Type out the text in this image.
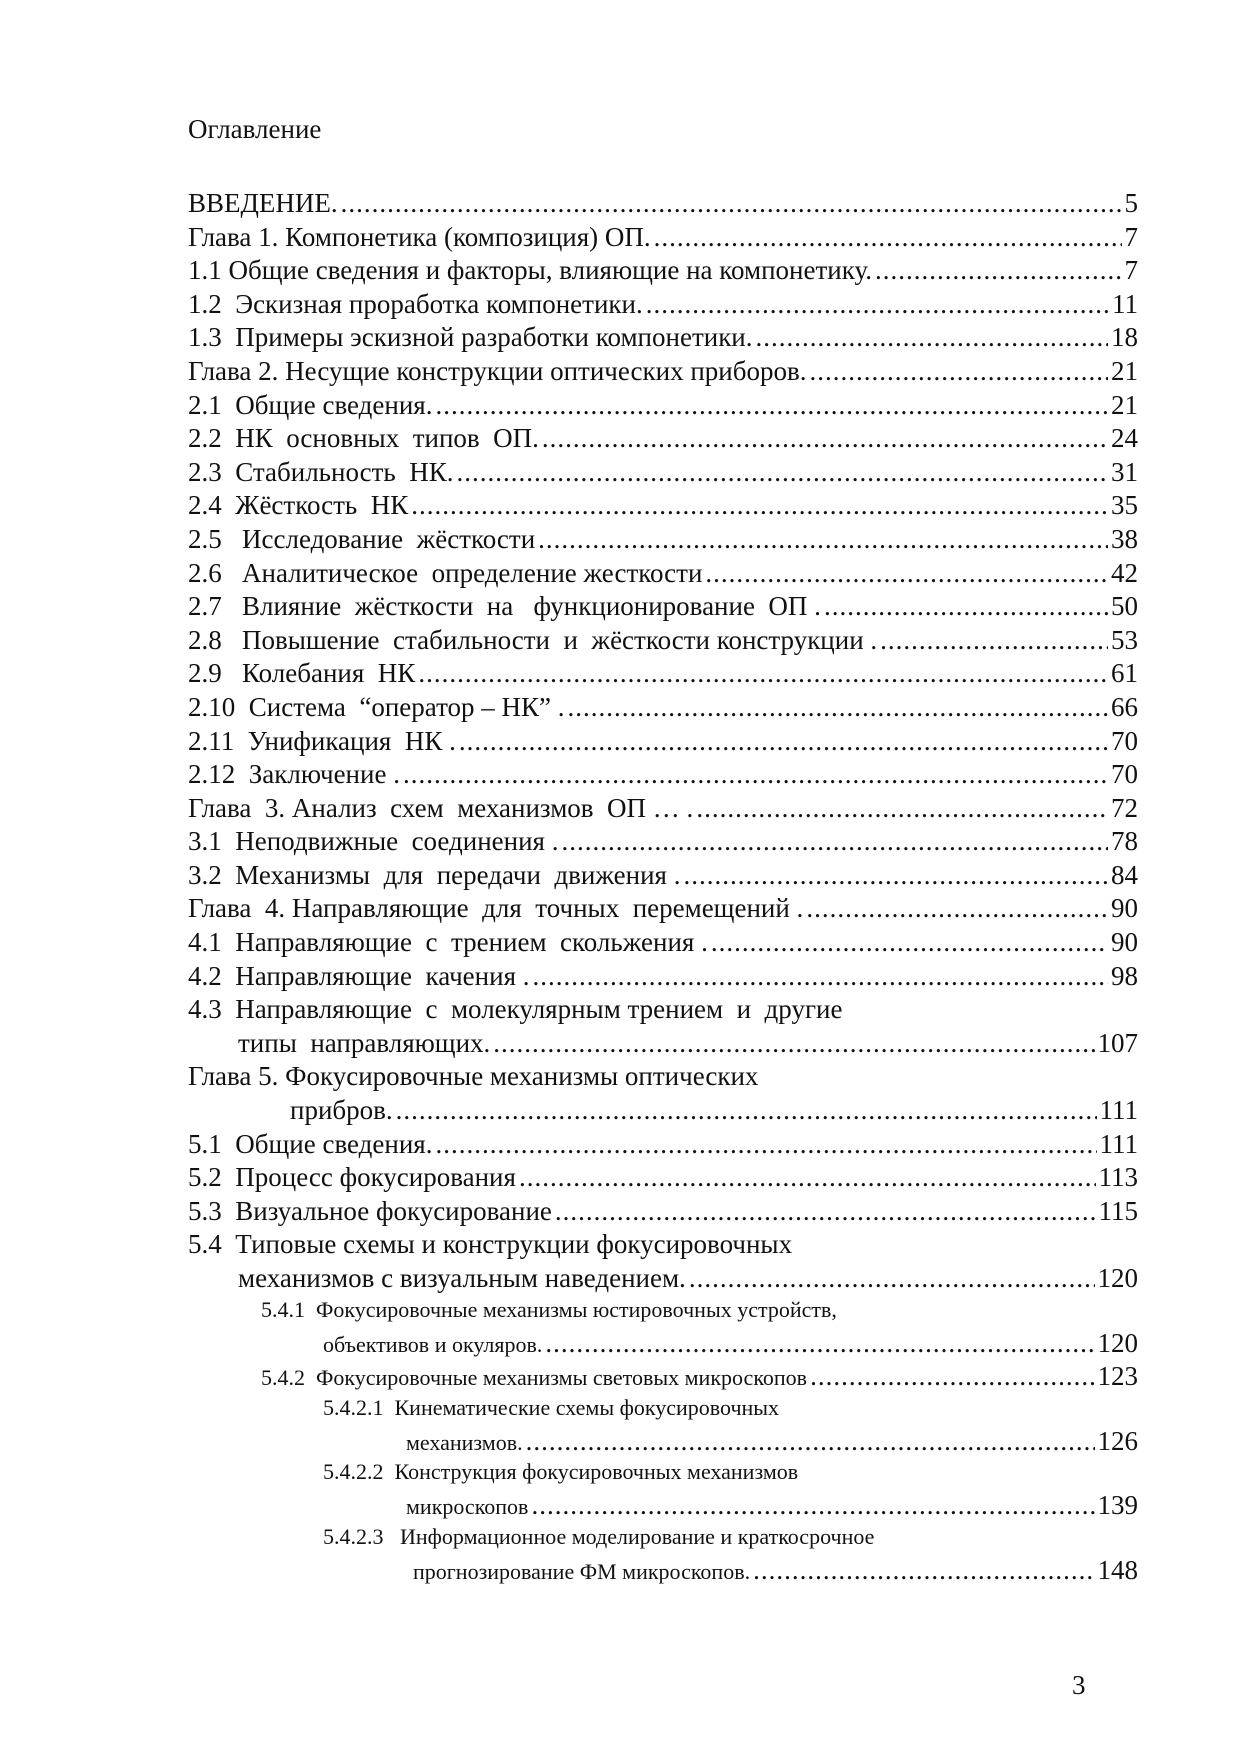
Оглавление
ВВЕДЕНИЕ. .....	5
Глава 1. Компонетика (композиция) ОП. .....	7
1.1 Общие сведения и факторы, влияющие на компонетику. .....	7
1.2  Эскизная проработка компонетики. .....	11
1.3  Примеры эскизной разработки компонетики. .....	18
Глава 2. Несущие конструкции оптических приборов. .....	21
2.1  Общие сведения. .....	21
2.2  НК  основных  типов  ОП. .....	24
2.3  Стабильность  НК. .....	31
2.4  Жёсткость  НК .....	35
2.5   Исследование  жёсткости .....	38
2.6   Аналитическое  определение жесткости .....	42
2.7   Влияние  жёсткости  на   функционирование  ОП . .....	50
2.8   Повышение  стабильности  и  жёсткости конструкции . .....	53
2.9   Колебания  НК .....	61
2.10  Система  “оператор – НК” . .....	66
2.11  Унификация  НК . .....	70
2.12  Заключение . .....	70
Глава  3. Анализ  схем  механизмов  ОП … . .....	72
3.1  Неподвижные  соединения . .....	78
3.2  Механизмы  для  передачи  движения . .....	84
Глава  4. Направляющие  для  точных  перемещений . .....	90
4.1  Направляющие  с  трением  скольжения . .....	90
4.2  Направляющие  качения . .....	98
4.3  Направляющие  с  молекулярным трением  и  другие
типы  направляющих. .....	107
Глава 5. Фокусировочные механизмы оптических
прибров. .....	111
5.1  Общие сведения. .....	111
5.2  Процесс фокусирования .....	113
5.3  Визуальное фокусирование .....	115
5.4  Типовые схемы и конструкции фокусировочных
механизмов с визуальным наведением. .....	120
5.4.1  Фокусировочные механизмы юстировочных устройств,
объективов и окуляров. .....	120
5.4.2  Фокусировочные механизмы световых микроскопов .....	123
5.4.2.1  Кинематические схемы фокусировочных
механизмов. .....	126
5.4.2.2  Конструкция фокусировочных механизмов
микроскопов .....	139
5.4.2.3   Информационное моделирование и краткосрочное
прогнозирование ФМ микроскопов. .....	148
3
